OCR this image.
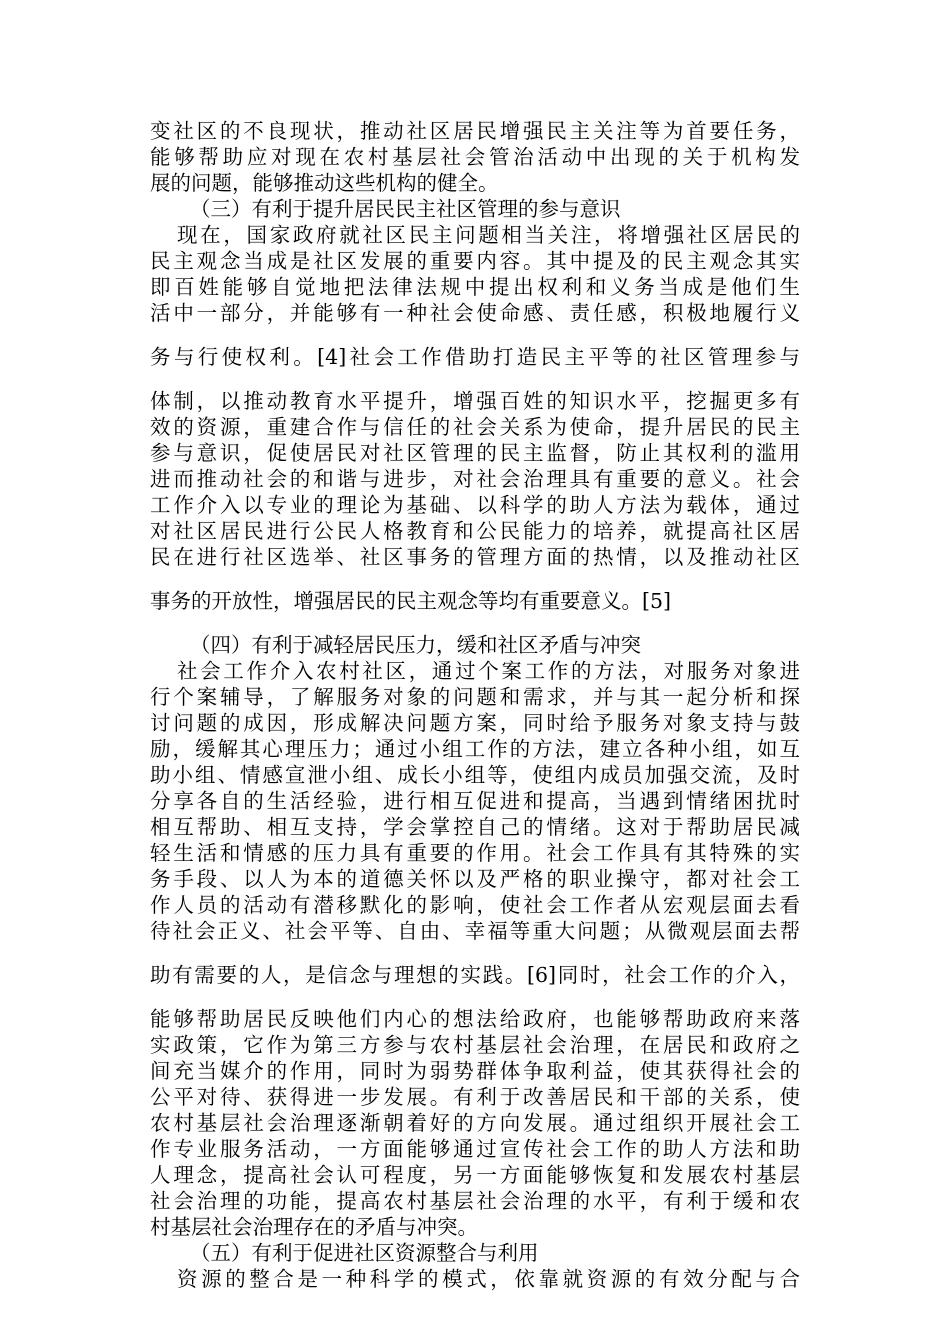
变社区的不良现状，推动社区居民增强民主关注等为首要任务，
能够帮助应对现在农村基层社会管治活动中出现的关于机构发
展的问题，能够推动这些机构的健全。
（三）有利于提升居民民主社区管理的参与意识
现在，国家政府就社区民主问题相当关注，将增强社区居民的
民主观念当成是社区发展的重要内容。其中提及的民主观念其实
即百姓能够自觉地把法律法规中提出权利和义务当成是他们生
活中一部分，并能够有一种社会使命感、责任感，积极地履行义
务与行使权利。[4]社会工作借助打造民主平等的社区管理参与
体制，以推动教育水平提升，增强百姓的知识水平，挖掘更多有
效的资源，重建合作与信任的社会关系为使命，提升居民的民主
参与意识，促使居民对社区管理的民主监督，防止其权利的滥用
进而推动社会的和谐与进步，对社会治理具有重要的意义。社会
工作介入以专业的理论为基础、以科学的助人方法为载体，通过
对社区居民进行公民人格教育和公民能力的培养，就提高社区居
民在进行社区选举、社区事务的管理方面的热情，以及推动社区
事务的开放性，增强居民的民主观念等均有重要意义。[5]
（四）有利于减轻居民压力，缓和社区矛盾与冲突
社会工作介入农村社区，通过个案工作的方法，对服务对象进
行个案辅导，了解服务对象的问题和需求，并与其一起分析和探
讨问题的成因，形成解决问题方案，同时给予服务对象支持与鼓
励，缓解其心理压力；通过小组工作的方法，建立各种小组，如互
助小组、情感宣泄小组、成长小组等，使组内成员加强交流，及时
分享各自的生活经验，进行相互促进和提高，当遇到情绪困扰时
相互帮助、相互支持，学会掌控自己的情绪。这对于帮助居民减
轻生活和情感的压力具有重要的作用。社会工作具有其特殊的实
务手段、以人为本的道德关怀以及严格的职业操守，都对社会工
作人员的活动有潜移默化的影响，使社会工作者从宏观层面去看
待社会正义、社会平等、自由、幸福等重大问题；从微观层面去帮
助有需要的人，是信念与理想的实践。[6]同时，社会工作的介入，
能够帮助居民反映他们内心的想法给政府，也能够帮助政府来落
实政策，它作为第三方参与农村基层社会治理，在居民和政府之
间充当媒介的作用，同时为弱势群体争取利益，使其获得社会的
公平对待、获得进一步发展。有利于改善居民和干部的关系，使
农村基层社会治理逐渐朝着好的方向发展。通过组织开展社会工
作专业服务活动，一方面能够通过宣传社会工作的助人方法和助
人理念，提高社会认可程度，另一方面能够恢复和发展农村基层
社会治理的功能，提高农村基层社会治理的水平，有利于缓和农
村基层社会治理存在的矛盾与冲突。
（五）有利于促进社区资源整合与利用
资源的整合是一种科学的模式，依靠就资源的有效分配与合
